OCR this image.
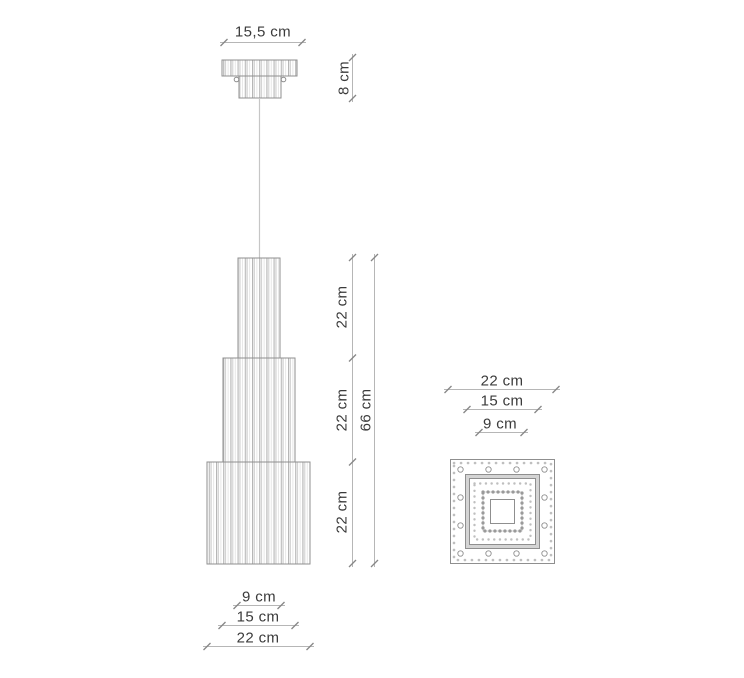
15,5 cm
8 cm
22 cm
22 cm
22 cm
66 cm
9 cm
15 cm
22 cm
22 cm
15 cm
9 cm
